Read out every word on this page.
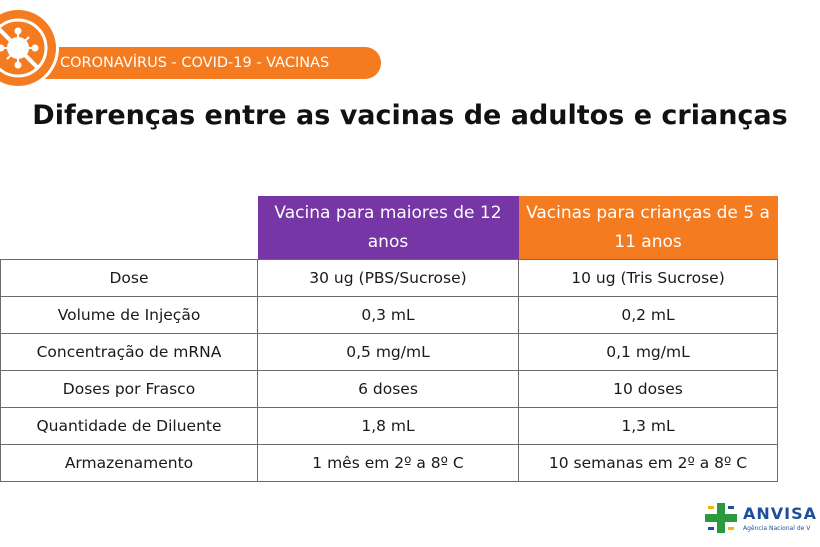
CORONAVÍRUS - COVID-19 - VACINAS
Diferenças entre as vacinas de adultos e crianças
	Vacina para maiores de 12 anos	Vacinas para crianças de 5 a 11 anos
Dose	30 ug (PBS/Sucrose)	10 ug (Tris Sucrose)
Volume de Injeção	0,3 mL	0,2 mL
Concentração de mRNA	0,5 mg/mL	0,1 mg/mL
Doses por Frasco	6 doses	10 doses
Quantidade de Diluente	1,8 mL	1,3 mL
Armazenamento	1 mês em 2º a 8º C	10 semanas em 2º a 8º C
ANVISA
Agência Nacional de V
